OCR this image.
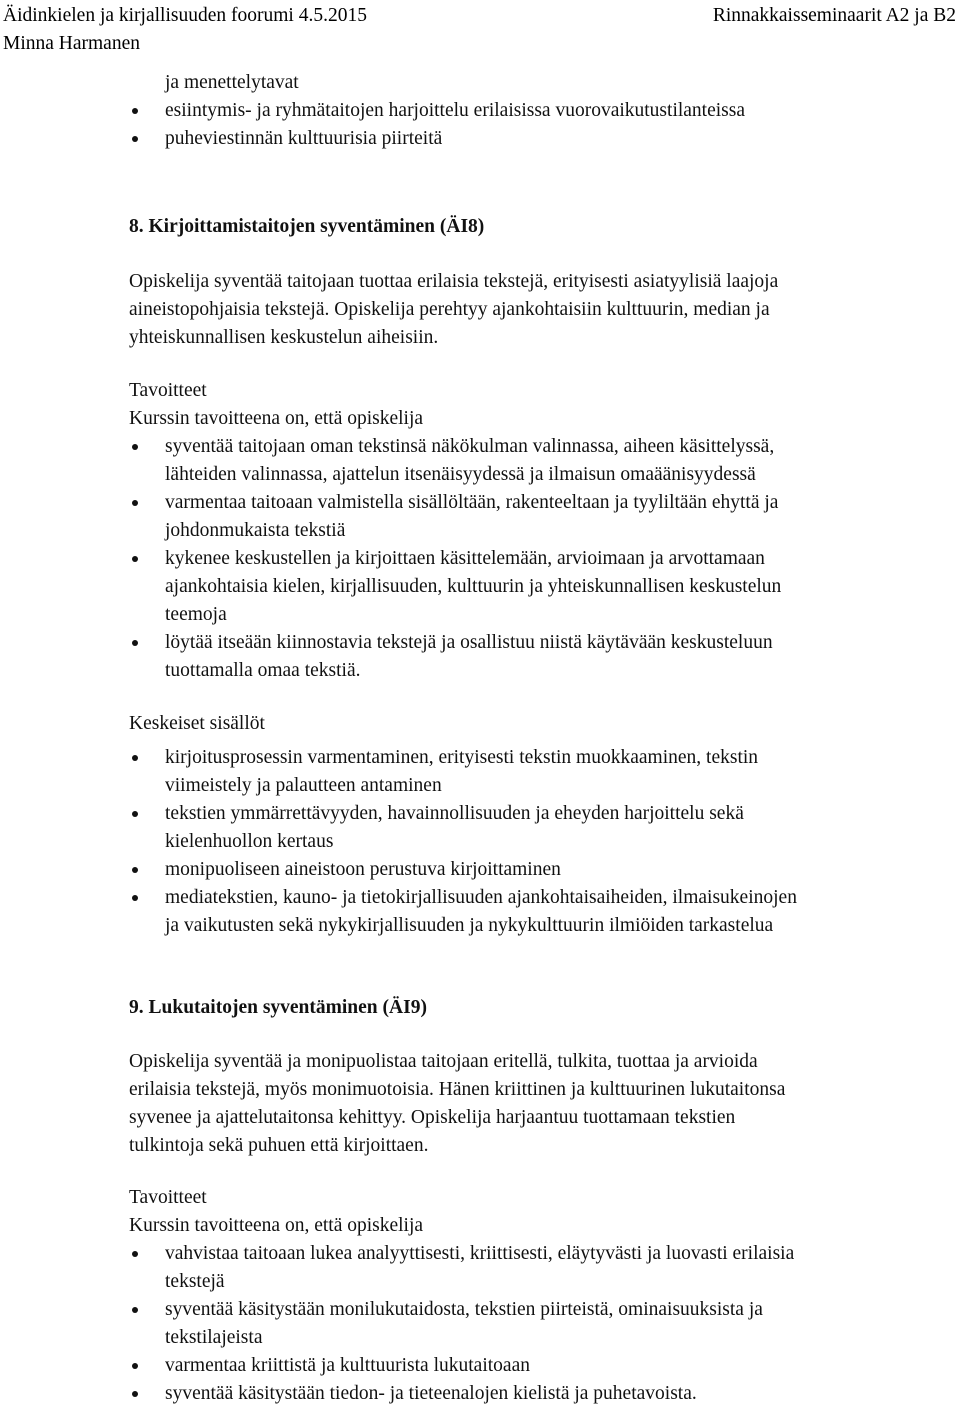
Äidinkielen ja kirjallisuuden foorumi 4.5.2015	Rinnakkaisseminaarit A2 ja B2
Minna Harmanen
ja menettelytavat
esiintymis- ja ryhmätaitojen harjoittelu erilaisissa vuorovaikutustilanteissa
puheviestinnän kulttuurisia piirteitä
8. Kirjoittamistaitojen syventäminen (ÄI8)
Opiskelija syventää taitojaan tuottaa erilaisia tekstejä, erityisesti asiatyylisiä laajoja
aineistopohjaisia tekstejä. Opiskelija perehtyy ajankohtaisiin kulttuurin, median ja
yhteiskunnallisen keskustelun aiheisiin.
Tavoitteet
Kurssin tavoitteena on, että opiskelija
syventää taitojaan oman tekstinsä näkökulman valinnassa, aiheen käsittelyssä,
lähteiden valinnassa, ajattelun itsenäisyydessä ja ilmaisun omaäänisyydessä
varmentaa taitoaan valmistella sisällöltään, rakenteeltaan ja tyyliltään ehyttä ja
johdonmukaista tekstiä
kykenee keskustellen ja kirjoittaen käsittelemään, arvioimaan ja arvottamaan
ajankohtaisia kielen, kirjallisuuden, kulttuurin ja yhteiskunnallisen keskustelun
teemoja
löytää itseään kiinnostavia tekstejä ja osallistuu niistä käytävään keskusteluun
tuottamalla omaa tekstiä.
Keskeiset sisällöt
kirjoitusprosessin varmentaminen, erityisesti tekstin muokkaaminen, tekstin
viimeistely ja palautteen antaminen
tekstien ymmärrettävyyden, havainnollisuuden ja eheyden harjoittelu sekä
kielenhuollon kertaus
monipuoliseen aineistoon perustuva kirjoittaminen
mediatekstien, kauno- ja tietokirjallisuuden ajankohtaisaiheiden, ilmaisukeinojen
ja vaikutusten sekä nykykirjallisuuden ja nykykulttuurin ilmiöiden tarkastelua
9. Lukutaitojen syventäminen (ÄI9)
Opiskelija syventää ja monipuolistaa taitojaan eritellä, tulkita, tuottaa ja arvioida
erilaisia tekstejä, myös monimuotoisia. Hänen kriittinen ja kulttuurinen lukutaitonsa
syvenee ja ajattelutaitonsa kehittyy. Opiskelija harjaantuu tuottamaan tekstien
tulkintoja sekä puhuen että kirjoittaen.
Tavoitteet
Kurssin tavoitteena on, että opiskelija
vahvistaa taitoaan lukea analyyttisesti, kriittisesti, eläytyvästi ja luovasti erilaisia
tekstejä
syventää käsitystään monilukutaidosta, tekstien piirteistä, ominaisuuksista ja
tekstilajeista
varmentaa kriittistä ja kulttuurista lukutaitoaan
syventää käsitystään tiedon- ja tieteenalojen kielistä ja puhetavoista.
